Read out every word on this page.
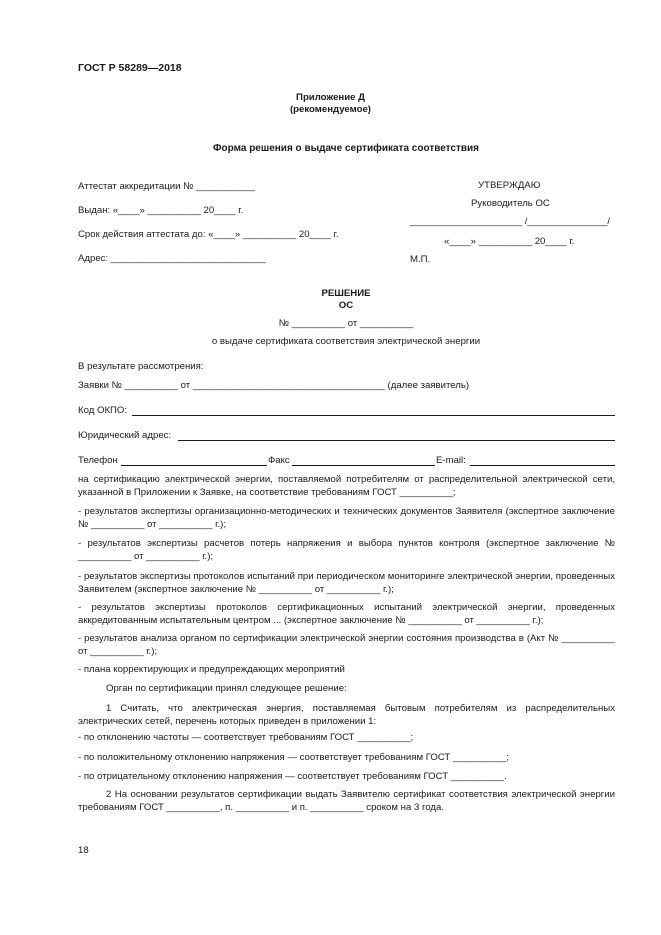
ГОСТ Р 58289—2018
Приложение Д
(рекомендуемое)
Форма решения о выдаче сертификата соответствия
Аттестат аккредитации № ___________
Выдан: «____» __________ 20____ г.
Срок действия аттестата до: «____» __________ 20____ г.
Адрес: _____________________________
УТВЕРЖДАЮ
Руководитель ОС
_____________________ /_______________/
«____» __________ 20____ г.
М.П.
РЕШЕНИЕ
ОС
№ __________ от __________
о выдаче сертификата соответствия электрической энергии
В результате рассмотрения:
Заявки № __________ от ____________________________________ (далее заявитель)
Код ОКПО:
Юридический адрес:
Телефон	Факс	E-mail:
на сертификацию электрической энергии, поставляемой потребителям от распределительной электрической сети, указанной в Приложении к Заявке, на соответствие требованиям ГОСТ __________;
- результатов экспертизы организационно-методических и технических документов Заявителя (экспертное заключение № __________ от __________ г.);
- результатов экспертизы расчетов потерь напряжения и выбора пунктов контроля (экспертное заключение № __________ от __________ г.);
- результатов экспертизы протоколов испытаний при периодическом мониторинге электрической энергии, проведенных Заявителем (экспертное заключение № __________ от __________ г.);
- результатов экспертизы протоколов сертификационных испытаний электрической энергии, проведенных аккредитованным испытательным центром ... (экспертное заключение № __________ от __________ г.);
- результатов анализа органом по сертификации электрической энергии состояния производства в (Акт № __________ от __________ г.);
- плана корректирующих и предупреждающих мероприятий
Орган по сертификации принял следующее решение:
1 Считать, что электрическая энергия, поставляемая бытовым потребителям из распределительных электрических сетей, перечень которых приведен в приложении 1:
- по отклонению частоты — соответствует требованиям ГОСТ __________;
- по положительному отклонению напряжения — соответствует требованиям ГОСТ __________;
- по отрицательному отклонению напряжения — соответствует требованиям ГОСТ __________.
2 На основании результатов сертификации выдать Заявителю сертификат соответствия электрической энергии требованиям ГОСТ __________, п. __________ и п. __________ сроком на 3 года.
18
